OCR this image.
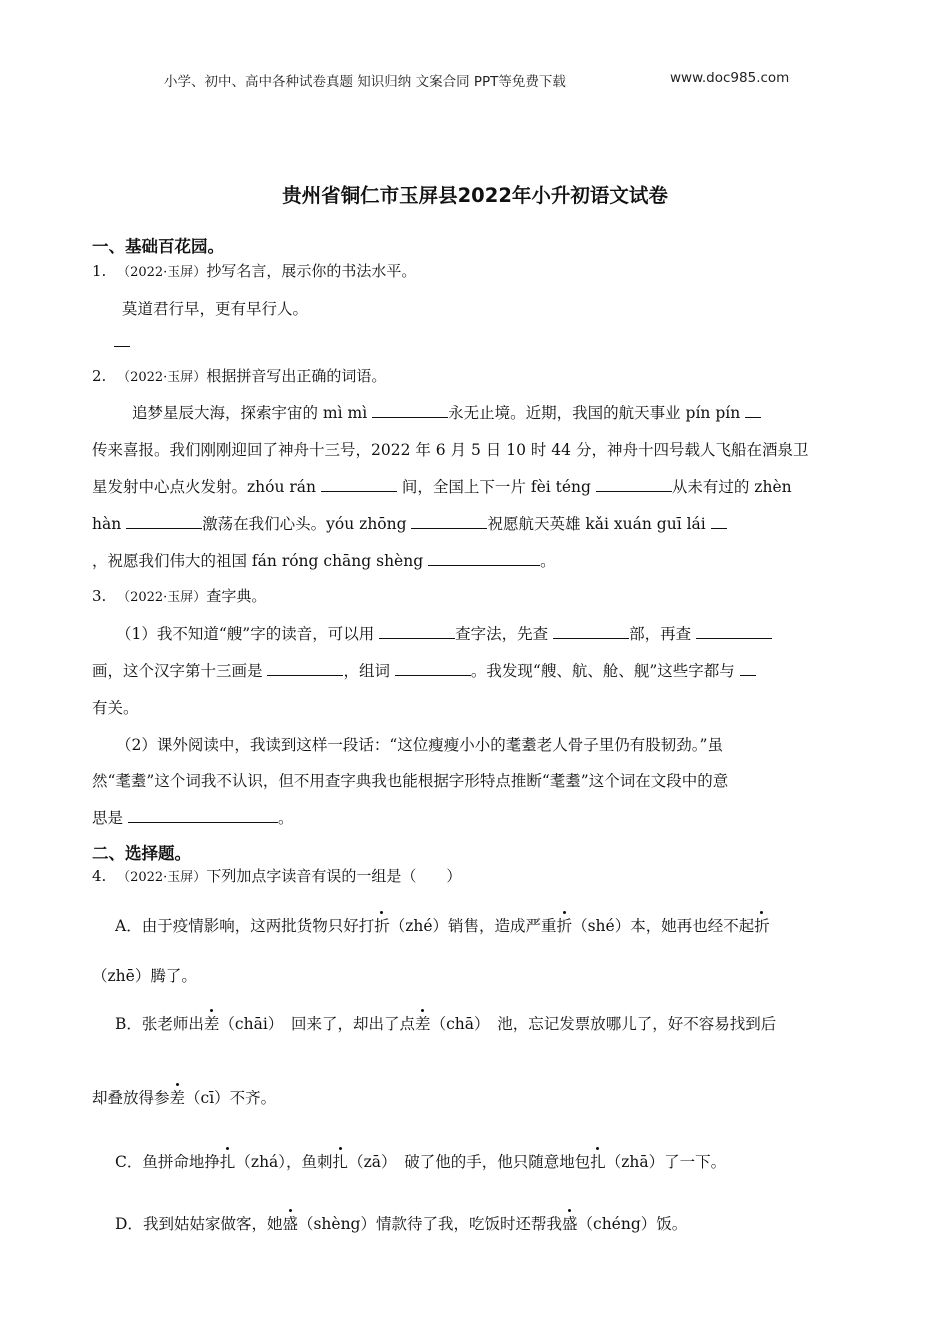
小学、初中、高中各种试卷真题 知识归纳 文案合同 PPT等免费下载	www.doc985.com
贵州省铜仁市玉屏县2022年小升初语文试卷
一、基础百花园。
1. （2022·玉屏）抄写名言，展示你的书法水平。
莫道君行早，更有早行人。
2. （2022·玉屏）根据拼音写出正确的词语。
追梦星辰大海，探索宇宙的 mì mì	永无止境。近期，我国的航天事业 pín pín
传来喜报。我们刚刚迎回了神舟十三号，2022 年 6 月 5 日 10 时 44 分，神舟十四号载人飞船在酒泉卫
星发射中心点火发射。zhóu rán	间，全国上下一片 fèi téng	从未有过的 zhèn
hàn	激荡在我们心头。yóu zhōng	祝愿航天英雄 kǎi xuán guī lái
，祝愿我们伟大的祖国 fán róng chāng shèng	。
3. （2022·玉屏）查字典。
（1）我不知道“艘”字的读音，可以用	查字法，先查	部，再查
画，这个汉字第十三画是	，组词	。我发现“艘、航、舱、舰”这些字都与
有关。
（2）课外阅读中，我读到这样一段话：“这位瘦瘦小小的耄耋老人骨子里仍有股韧劲。”虽
然“耄耋”这个词我不认识，但不用查字典我也能根据字形特点推断“耄耋”这个词在文段中的意
思是	。
二、选择题。
4. （2022·玉屏）下列加点字读音有误的一组是（　　）
A．由于疫情影响，这两批货物只好打折（zhé）销售，造成严重折（shé）本，她再也经不起折
（zhē）腾了。
B．张老师出差（chāi）　回来了，却出了点差（chā）　池，忘记发票放哪儿了，好不容易找到后
却叠放得参差（cī）不齐。
C．鱼拼命地挣扎（zhá），鱼刺扎（zā）　破了他的手，他只随意地包扎（zhā）了一下。
D．我到姑姑家做客，她盛（shèng）情款待了我，吃饭时还帮我盛（chéng）饭。
